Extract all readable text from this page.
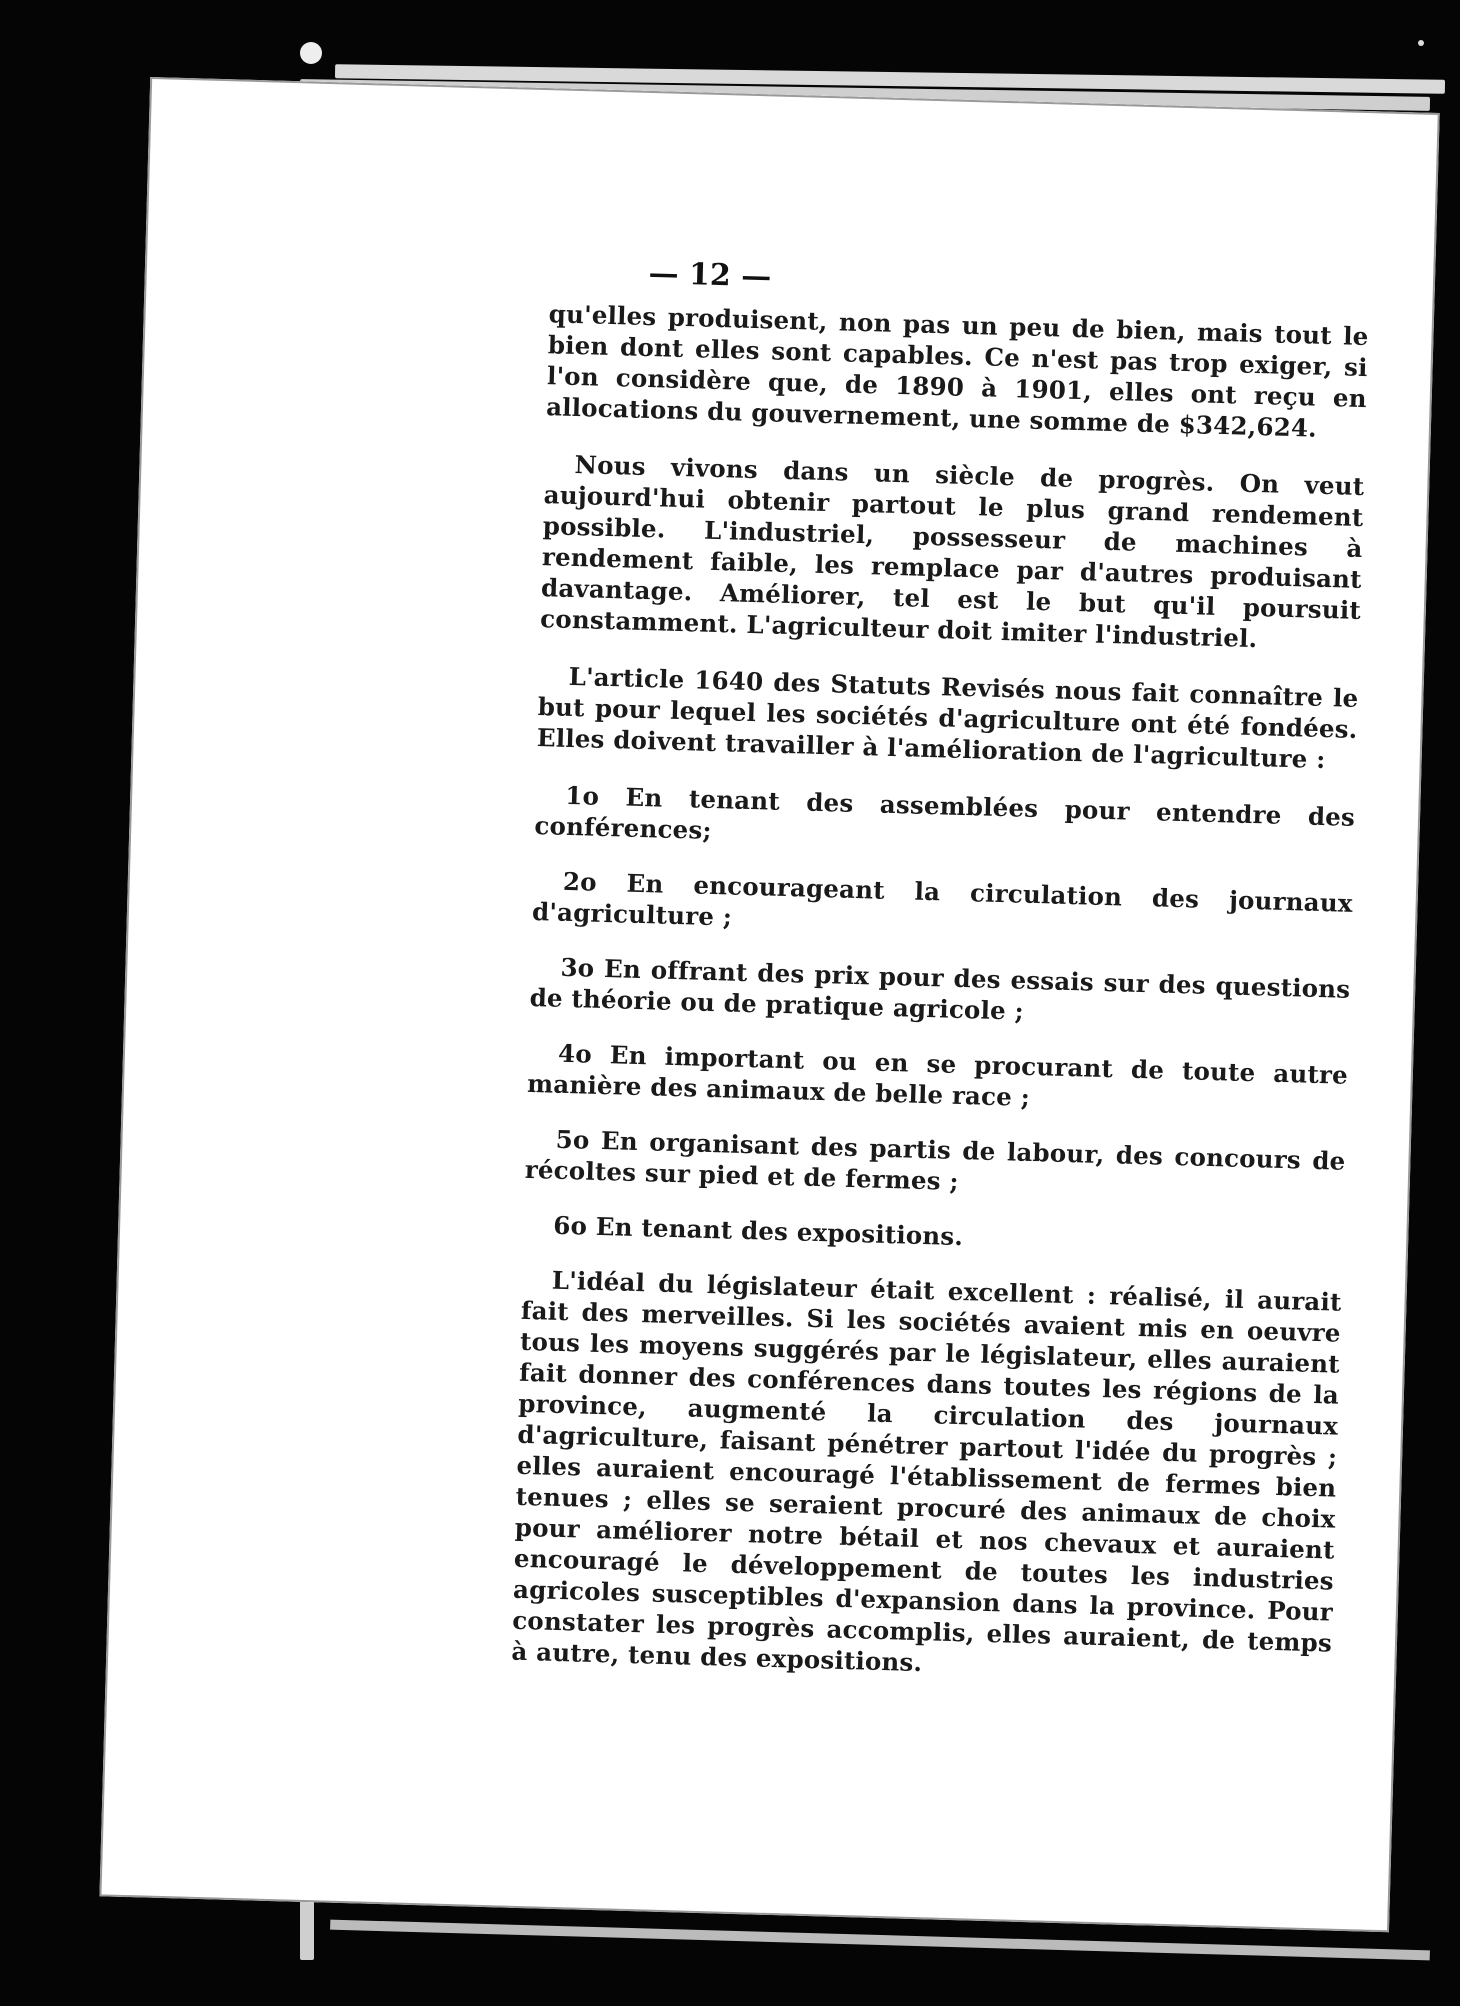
— 12 —

qu'elles produisent, non pas un peu de bien, mais tout le bien dont elles sont capables. Ce n'est pas trop exiger, si l'on considère que, de 1890 à 1901, elles ont reçu en allocations du gouvernement, une somme de $342,624.

Nous vivons dans un siècle de progrès. On veut aujourd'hui obtenir partout le plus grand rendement possible. L'industriel, possesseur de machines à rendement faible, les remplace par d'autres produisant davantage. Améliorer, tel est le but qu'il poursuit constamment. L'agriculteur doit imiter l'industriel.

L'article 1640 des Statuts Revisés nous fait connaître le but pour lequel les sociétés d'agriculture ont été fondées. Elles doivent travailler à l'amélioration de l'agriculture :

1o En tenant des assemblées pour entendre des conférences;

2o En encourageant la circulation des journaux d'agriculture ;

3o En offrant des prix pour des essais sur des questions de théorie ou de pratique agricole ;

4o En important ou en se procurant de toute autre manière des animaux de belle race ;

5o En organisant des partis de labour, des concours de récoltes sur pied et de fermes ;

6o En tenant des expositions.

L'idéal du législateur était excellent : réalisé, il aurait fait des merveilles. Si les sociétés avaient mis en oeuvre tous les moyens suggérés par le législateur, elles auraient fait donner des conférences dans toutes les régions de la province, augmenté la circulation des journaux d'agriculture, faisant pénétrer partout l'idée du progrès ; elles auraient encouragé l'établissement de fermes bien tenues ; elles se seraient procuré des animaux de choix pour améliorer notre bétail et nos chevaux et auraient encouragé le développement de toutes les industries agricoles susceptibles d'expansion dans la province. Pour constater les progrès accomplis, elles auraient, de temps à autre, tenu des expositions.
